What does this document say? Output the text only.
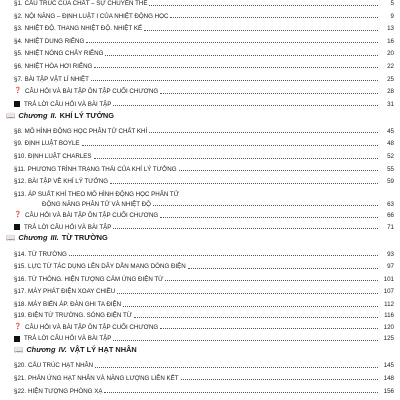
§1. CẤU TRÚC CỦA CHẤT – SỰ CHUYỂN THỂ	5
§2. NỘI NĂNG – ĐỊNH LUẬT I CỦA NHIỆT ĐỘNG HỌC	9
§3. NHIỆT ĐỘ. THANG NHIỆT ĐỘ. NHIỆT KẾ	13
§4. NHIỆT DUNG RIÊNG	16
§5. NHIỆT NÓNG CHẢY RIÊNG	20
§6. NHIỆT HÓA HƠI RIÊNG	22
§7. BÀI TẬP VẬT LÍ NHIỆT	25
❓ CÂU HỎI VÀ BÀI TẬP ÔN TẬP CUỐI CHƯƠNG	28
TRẢ LỜI CÂU HỎI VÀ BÀI TẬP	31
📖 Chương II. KHÍ LÝ TƯỞNG
§8. MÔ HÌNH ĐỘNG HỌC PHÂN TỬ CHẤT KHÍ	45
§9. ĐỊNH LUẬT BOYLE	48
§10. ĐỊNH LUẬT CHARLES	52
§11. PHƯƠNG TRÌNH TRẠNG THÁI CỦA KHÍ LÝ TƯỞNG	55
§12. BÀI TẬP VỀ KHÍ LÝ TƯỞNG	59
§13. ÁP SUẤT KHÍ THEO MÔ HÌNH ĐỘNG HỌC PHÂN TỬ
ĐỘNG NĂNG PHÂN TỬ VÀ NHIỆT ĐỘ	63
❓ CÂU HỎI VÀ BÀI TẬP ÔN TẬP CUỐI CHƯƠNG	66
TRẢ LỜI CÂU HỎI VÀ BÀI TẬP	71
📖 Chương III. TỪ TRƯỜNG
§14. TỪ TRƯỜNG	93
§15. LỰC TỪ TÁC DỤNG LÊN DÂY DẪN MANG DÒNG ĐIỆN	97
§16. TỪ THÔNG. HIỆN TƯỢNG CẢM ỨNG ĐIỆN TỪ	101
§17. MÁY PHÁT ĐIỆN XOAY CHIỀU	107
§18. MÁY BIẾN ÁP. ĐÀN GHI TA ĐIỆN	112
§19. ĐIỆN TỪ TRƯỜNG. SÓNG ĐIỆN TỪ	116
❓ CÂU HỎI VÀ BÀI TẬP ÔN TẬP CUỐI CHƯƠNG	120
TRẢ LỜI CÂU HỎI VÀ BÀI TẬP	125
📖 Chương IV. VẬT LÝ HẠT NHÂN
§20. CẤU TRÚC HẠT NHÂN	145
§21. PHẢN ỨNG HẠT NHÂN VÀ NĂNG LƯỢNG LIÊN KẾT	148
§22. HIỆN TƯỢNG PHÓNG XẠ	156
